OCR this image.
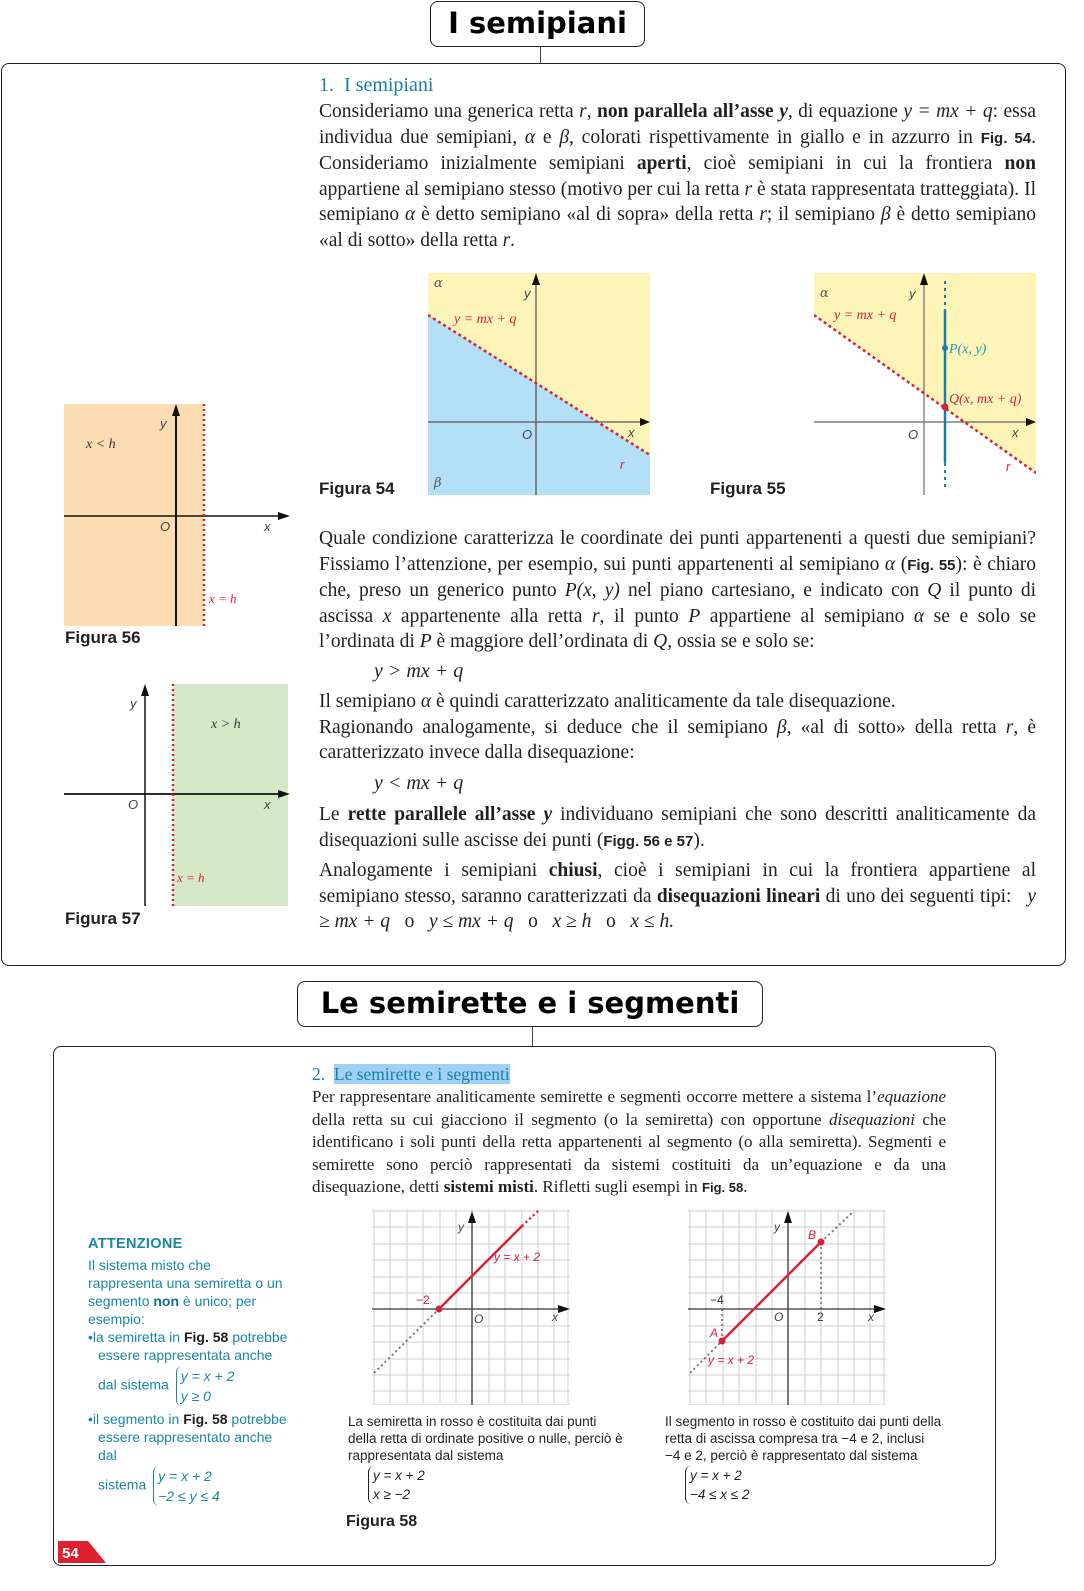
I semipiani
1. I semipiani
Consideriamo una generica retta r, non parallela all’asse y, di equazione y = mx + q: essa individua due semipiani, α e β, colorati rispettivamente in giallo e in azzurro in Fig. 54. Consideriamo inizialmente semipiani aperti, cioè semipiani in cui la frontiera non appartiene al semipiano stesso (motivo per cui la retta r è stata rappresentata tratteggiata). Il semipiano α è detto semipiano «al di sopra» della retta r; il semipiano β è detto semipiano «al di sotto» della retta r.
α
β
y
y = mx + q
O	x
r
Figura 54
α	y
y = mx + q
P(x, y)
Q(x, mx + q)
O	x
r
Figura 55
x < h
y
O	x
x = h
Figura 56
x > h
y
O	x
x = h
Figura 57
Quale condizione caratterizza le coordinate dei punti appartenenti a questi due semipiani? Fissiamo l’attenzione, per esempio, sui punti appartenenti al semipiano α (Fig. 55): è chiaro che, preso un generico punto P(x, y) nel piano cartesiano, e indicato con Q il punto di ascissa x appartenente alla retta r, il punto P appartiene al semipiano α se e solo se l’ordinata di P è maggiore dell’ordinata di Q, ossia se e solo se:
y > mx + q
Il semipiano α è quindi caratterizzato analiticamente da tale disequazione.
Ragionando analogamente, si deduce che il semipiano β, «al di sotto» della retta r, è caratterizzato invece dalla disequazione:
y < mx + q
Le rette parallele all’asse y individuano semipiani che sono descritti analiticamente da disequazioni sulle ascisse dei punti (Figg. 56 e 57).
Analogamente i semipiani chiusi, cioè i semipiani in cui la frontiera appartiene al semipiano stesso, saranno caratterizzati da disequazioni lineari di uno dei seguenti tipi: y ≥ mx + q o y ≤ mx + q o x ≥ h o x ≤ h.
Le semirette e i segmenti
2. Le semirette e i segmenti
Per rappresentare analiticamente semirette e segmenti occorre mettere a sistema l’equazione della retta su cui giacciono il segmento (o la semiretta) con opportune disequazioni che identificano i soli punti della retta appartenenti al segmento (o alla semiretta). Segmenti e semirette sono perciò rappresentati da sistemi costituiti da un’equazione e da una disequazione, detti sistemi misti. Rifletti sugli esempi in Fig. 58.
ATTENZIONE
Il sistema misto che rappresenta una semiretta o un segmento non è unico; per esempio:
•la semiretta in Fig. 58 potrebbe essere rappresentata anche
dal sistema y = x + 2
y ≥ 0
•il segmento in Fig. 58 potrebbe essere rappresentato anche dal
sistema y = x + 2
−2 ≤ y ≤ 4
y
y = x + 2
−2
O	x
La semiretta in rosso è costituita dai punti della retta di ordinate positive o nulle, perciò è rappresentata dal sistema
y = x + 2
x ≥ −2
Figura 58
y
B
A
−4
2
O	x
y = x + 2
Il segmento in rosso è costituito dai punti della retta di ascissa compresa tra −4 e 2, inclusi −4 e 2, perciò è rappresentato dal sistema
y = x + 2
−4 ≤ x ≤ 2
54
